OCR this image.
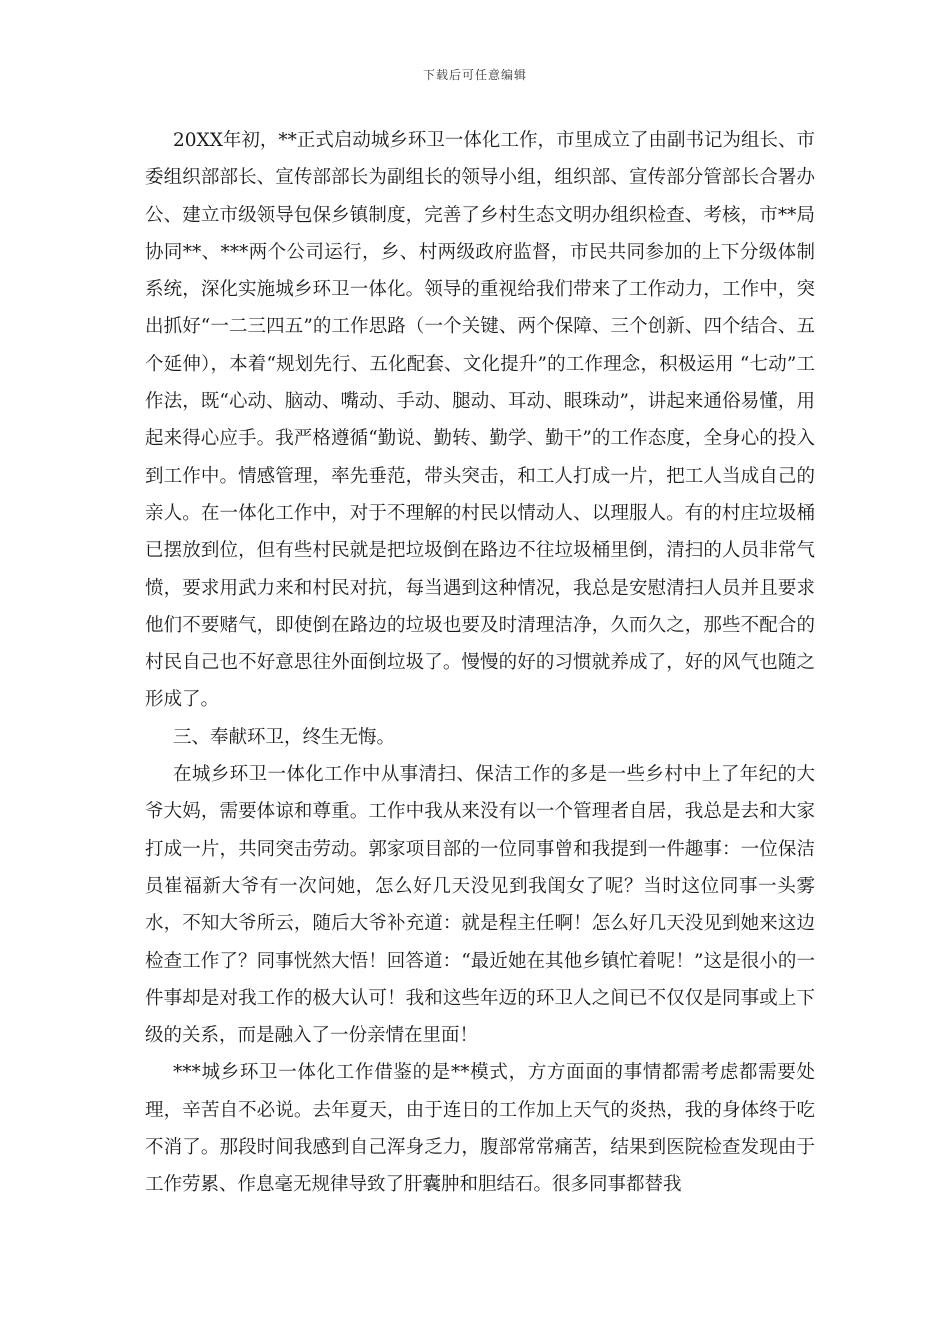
下载后可任意编辑

20XX年初，**正式启动城乡环卫一体化工作，市里成立了由副书记为组长、市委组织部部长、宣传部部长为副组长的领导小组，组织部、宣传部分管部长合署办公、建立市级领导包保乡镇制度，完善了乡村生态文明办组织检查、考核，市**局协同**、***两个公司运行，乡、村两级政府监督，市民共同参加的上下分级体制系统，深化实施城乡环卫一体化。领导的重视给我们带来了工作动力，工作中，突出抓好“一二三四五”的工作思路（一个关键、两个保障、三个创新、四个结合、五个延伸），本着“规划先行、五化配套、文化提升”的工作理念，积极运用 “七动”工作法，既“心动、脑动、嘴动、手动、腿动、耳动、眼珠动”，讲起来通俗易懂，用起来得心应手。我严格遵循“勤说、勤转、勤学、勤干”的工作态度，全身心的投入到工作中。情感管理，率先垂范，带头突击，和工人打成一片，把工人当成自己的亲人。在一体化工作中，对于不理解的村民以情动人、以理服人。有的村庄垃圾桶已摆放到位，但有些村民就是把垃圾倒在路边不往垃圾桶里倒，清扫的人员非常气愤，要求用武力来和村民对抗，每当遇到这种情况，我总是安慰清扫人员并且要求他们不要赌气，即使倒在路边的垃圾也要及时清理洁净，久而久之，那些不配合的村民自己也不好意思往外面倒垃圾了。慢慢的好的习惯就养成了，好的风气也随之形成了。

三、奉献环卫，终生无悔。

在城乡环卫一体化工作中从事清扫、保洁工作的多是一些乡村中上了年纪的大爷大妈，需要体谅和尊重。工作中我从来没有以一个管理者自居，我总是去和大家打成一片，共同突击劳动。郭家项目部的一位同事曾和我提到一件趣事：一位保洁员崔福新大爷有一次问她，怎么好几天没见到我闺女了呢？当时这位同事一头雾水，不知大爷所云，随后大爷补充道：就是程主任啊！怎么好几天没见到她来这边检查工作了？同事恍然大悟！回答道：“最近她在其他乡镇忙着呢！”这是很小的一件事却是对我工作的极大认可！我和这些年迈的环卫人之间已不仅仅是同事或上下级的关系，而是融入了一份亲情在里面！

***城乡环卫一体化工作借鉴的是**模式，方方面面的事情都需考虑都需要处理，辛苦自不必说。去年夏天，由于连日的工作加上天气的炎热，我的身体终于吃不消了。那段时间我感到自己浑身乏力，腹部常常痛苦，结果到医院检查发现由于工作劳累、作息毫无规律导致了肝囊肿和胆结石。很多同事都替我
